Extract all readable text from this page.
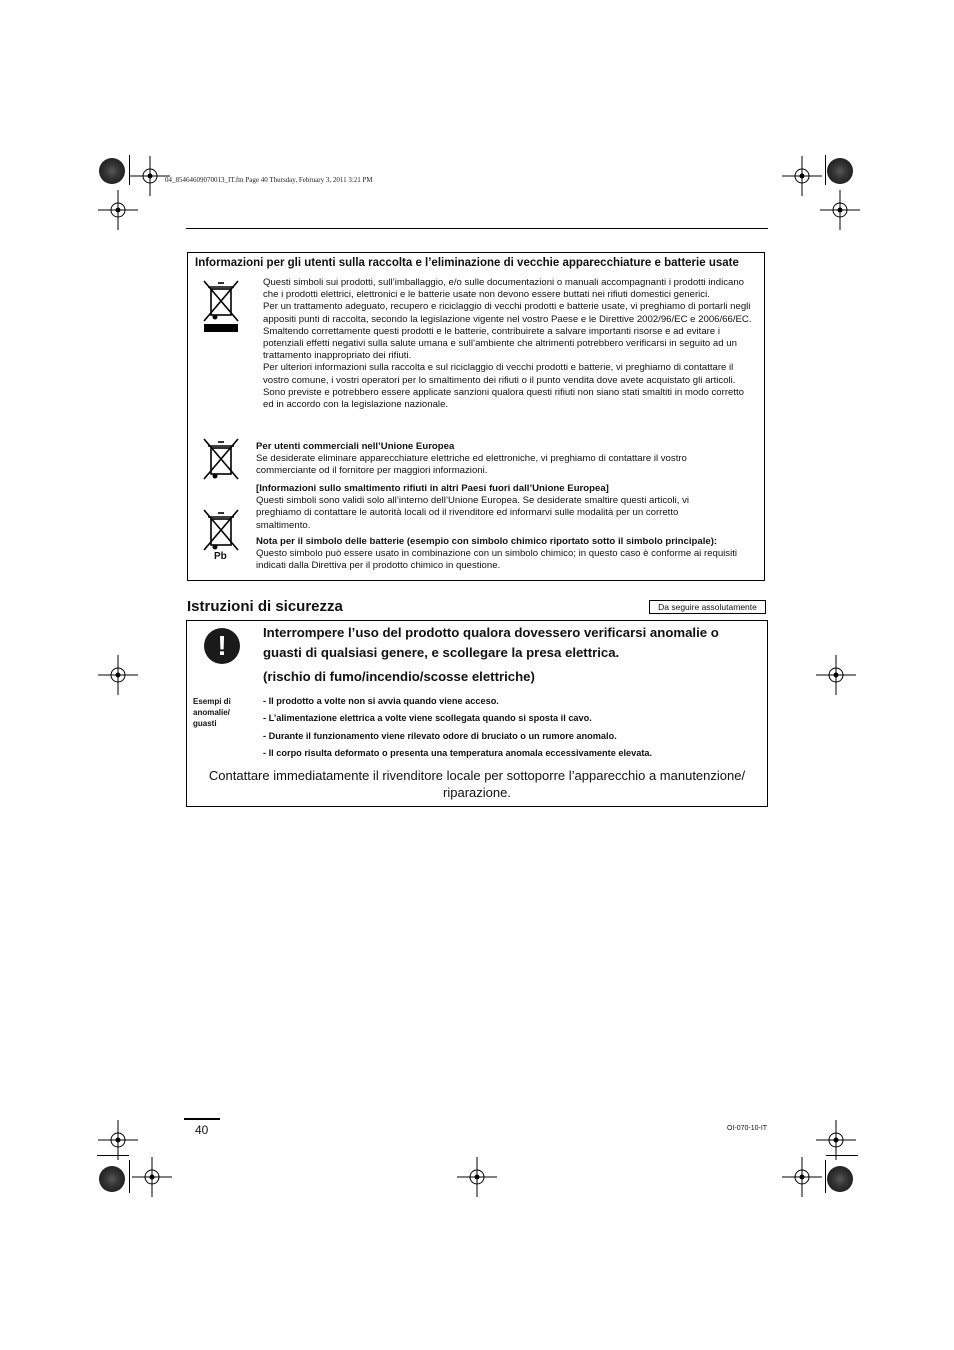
04_85464609070013_IT.fm Page 40 Thursday, February 3, 2011 3:21 PM
Informazioni per gli utenti sulla raccolta e l’eliminazione di vecchie apparecchiature e batterie usate
Pb

Questi simboli sui prodotti, sull’imballaggio, e/o sulle documentazioni o manuali accompagnanti i prodotti indicano che i prodotti elettrici, elettronici e le batterie usate non devono essere buttati nei rifiuti domestici generici.

Per un trattamento adeguato, recupero e riciclaggio di vecchi prodotti e batterie usate, vi preghiamo di portarli negli appositi punti di raccolta, secondo la legislazione vigente nel vostro Paese e le Direttive 2002/96/EC e 2006/66/EC.

Smaltendo correttamente questi prodotti e le batterie, contribuirete a salvare importanti risorse e ad evitare i potenziali effetti negativi sulla salute umana e sull’ambiente che altrimenti potrebbero verificarsi in seguito ad un trattamento inappropriato dei rifiuti.

Per ulteriori informazioni sulla raccolta e sul riciclaggio di vecchi prodotti e batterie, vi preghiamo di contattare il vostro comune, i vostri operatori per lo smaltimento dei rifiuti o il punto vendita dove avete acquistato gli articoli. Sono previste e potrebbero essere applicate sanzioni qualora questi rifiuti non siano stati smaltiti in modo corretto ed in accordo con la legislazione nazionale.

Per utenti commerciali nell’Unione Europea

Se desiderate eliminare apparecchiature elettriche ed elettroniche, vi preghiamo di contattare il vostro commerciante od il fornitore per maggiori informazioni.

[Informazioni sullo smaltimento rifiuti in altri Paesi fuori dall’Unione Europea]

Questi simboli sono validi solo all’interno dell’Unione Europea. Se desiderate smaltire questi articoli, vi preghiamo di contattare le autorità locali od il rivenditore ed informarvi sulle modalità per un corretto smaltimento.

Nota per il simbolo delle batterie (esempio con simbolo chimico riportato sotto il simbolo principale):

Questo simbolo può essere usato in combinazione con un simbolo chimico; in questo caso è conforme ai requisiti indicati dalla Direttiva per il prodotto chimico in questione.

Istruzioni di sicurezza	Da seguire assolutamente
!	Interrompere l’uso del prodotto qualora dovessero verificarsi anomalie o guasti di qualsiasi genere, e scollegare la presa elettrica.
(rischio di fumo/incendio/scosse elettriche)
Esempi di anomalie/ guasti
- Il prodotto a volte non si avvia quando viene acceso.
- L’alimentazione elettrica a volte viene scollegata quando si sposta il cavo.
- Durante il funzionamento viene rilevato odore di bruciato o un rumore anomalo.
- Il corpo risulta deformato o presenta una temperatura anomala eccessivamente elevata.
Contattare immediatamente il rivenditore locale per sottoporre l’apparecchio a manutenzione/ riparazione.
40	OI-070-10-IT
